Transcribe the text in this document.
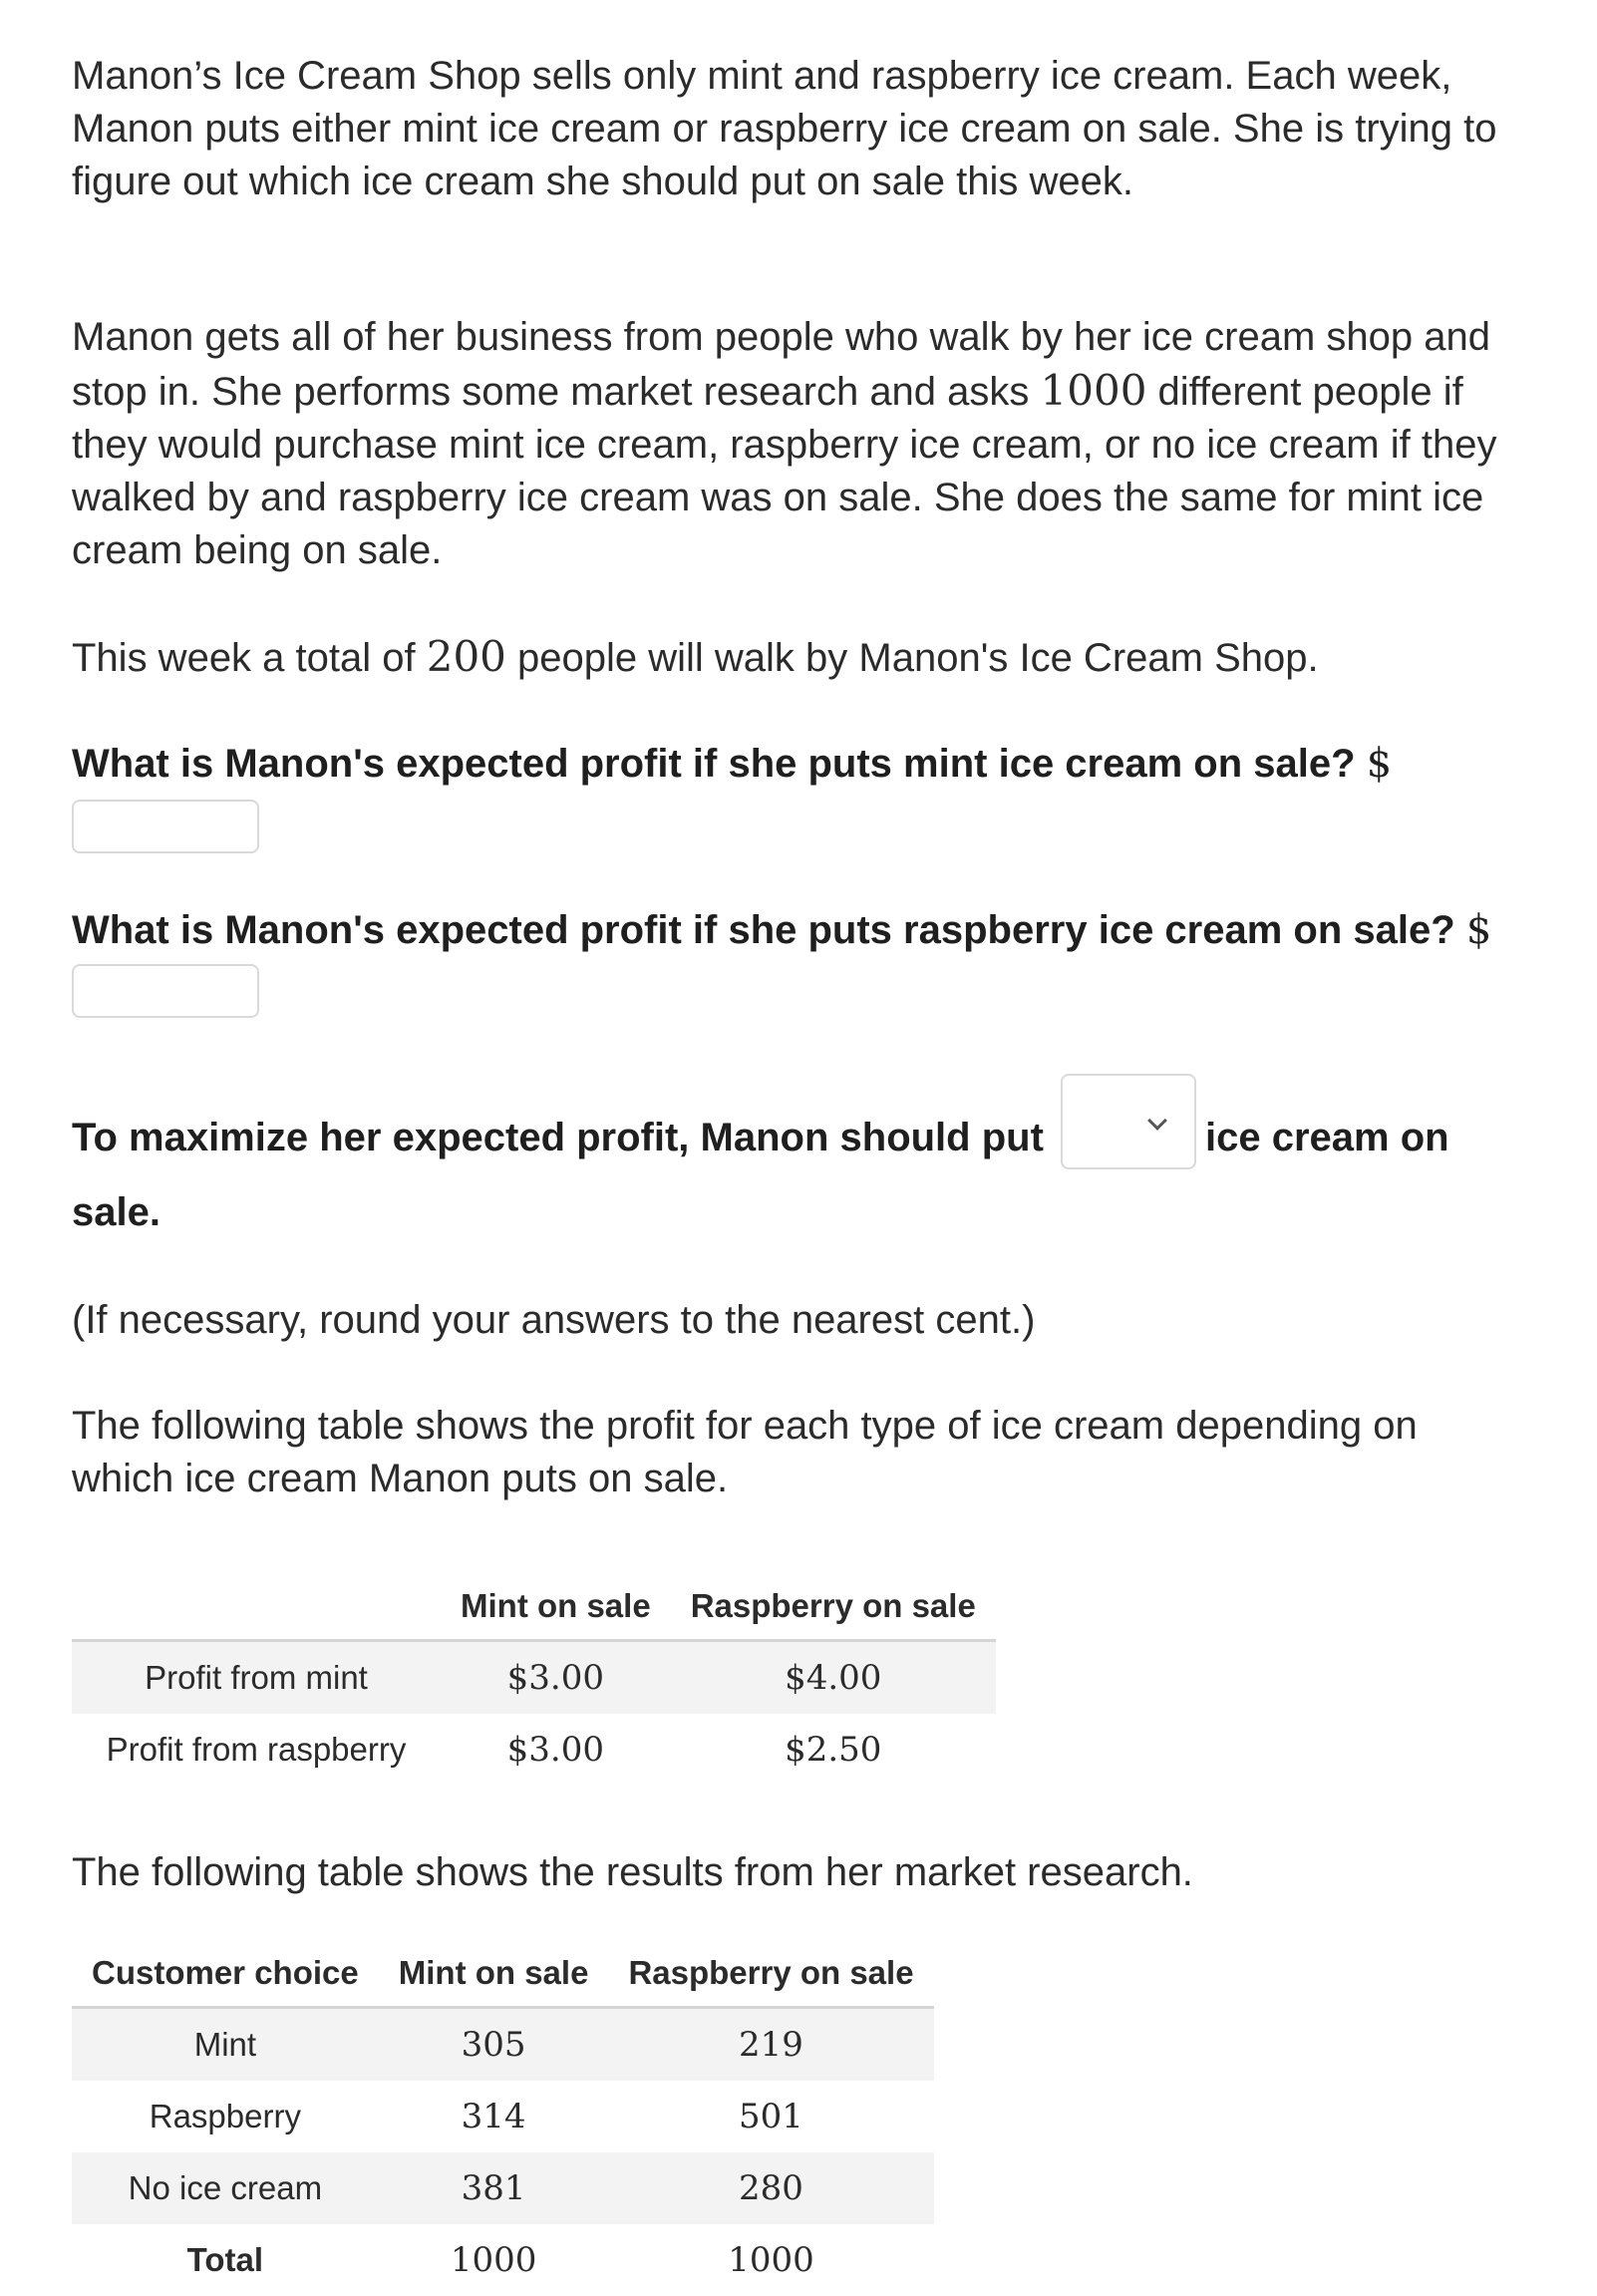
Manon’s Ice Cream Shop sells only mint and raspberry ice cream. Each week, Manon puts either mint ice cream or raspberry ice cream on sale. She is trying to figure out which ice cream she should put on sale this week.

Manon gets all of her business from people who walk by her ice cream shop and stop in. She performs some market research and asks 1000 different people if they would purchase mint ice cream, raspberry ice cream, or no ice cream if they walked by and raspberry ice cream was on sale. She does the same for mint ice cream being on sale.

This week a total of 200 people will walk by Manon's Ice Cream Shop.

What is Manon's expected profit if she puts mint ice cream on sale? $

What is Manon's expected profit if she puts raspberry ice cream on sale? $

To maximize her expected profit, Manon should put	ice cream on

sale.

(If necessary, round your answers to the nearest cent.)

The following table shows the profit for each type of ice cream depending on which ice cream Manon puts on sale.

	Mint on sale	Raspberry on sale
Profit from mint	$3.00	$4.00
Profit from raspberry	$3.00	$2.50

The following table shows the results from her market research.

Customer choice	Mint on sale	Raspberry on sale
Mint	305	219
Raspberry	314	501
No ice cream	381	280
Total	1000	1000
